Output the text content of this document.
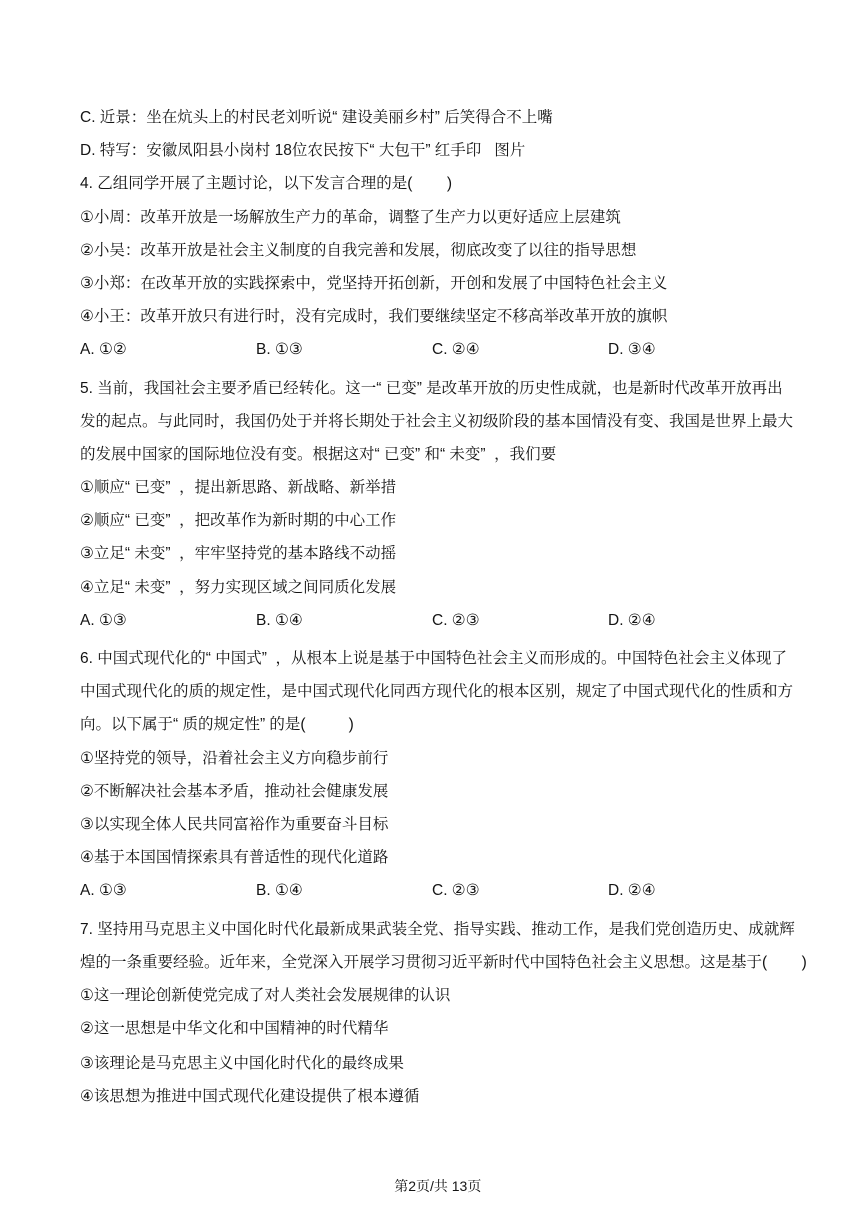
C. 近景：坐在炕头上的村民老刘听说“ 建设美丽乡村” 后笑得合不上嘴
D. 特写：安徽凤阳县小岗村 18位农民按下“ 大包干” 红手印   图片
4. 乙组同学开展了主题讨论，以下发言合理的是(        )
①小周：改革开放是一场解放生产力的革命，调整了生产力以更好适应上层建筑
②小吴：改革开放是社会主义制度的自我完善和发展，彻底改变了以往的指导思想
③小郑：在改革开放的实践探索中，党坚持开拓创新，开创和发展了中国特色社会主义
④小王：改革开放只有进行时，没有完成时，我们要继续坚定不移高举改革开放的旗帜
A. ①②	B. ①③	C. ②④	D. ③④
5. 当前，我国社会主要矛盾已经转化。这一“ 已变” 是改革开放的历史性成就，也是新时代改革开放再出
发的起点。与此同时，我国仍处于并将长期处于社会主义初级阶段的基本国情没有变、我国是世界上最大
的发展中国家的国际地位没有变。根据这对“ 已变” 和“ 未变”  ，我们要
①顺应“ 已变”  ，提出新思路、新战略、新举措
②顺应“ 已变”  ，把改革作为新时期的中心工作
③立足“ 未变”  ，牢牢坚持党的基本路线不动摇
④立足“ 未变”  ，努力实现区域之间同质化发展
A. ①③	B. ①④	C. ②③	D. ②④
6. 中国式现代化的“ 中国式”  ，从根本上说是基于中国特色社会主义而形成的。中国特色社会主义体现了
中国式现代化的质的规定性，是中国式现代化同西方现代化的根本区别，规定了中国式现代化的性质和方
向。以下属于“ 质的规定性” 的是(          )
①坚持党的领导，沿着社会主义方向稳步前行
②不断解决社会基本矛盾，推动社会健康发展
③以实现全体人民共同富裕作为重要奋斗目标
④基于本国国情探索具有普适性的现代化道路
A. ①③	B. ①④	C. ②③	D. ②④
7. 坚持用马克思主义中国化时代化最新成果武装全党、指导实践、推动工作，是我们党创造历史、成就辉
煌的一条重要经验。近年来，全党深入开展学习贯彻习近平新时代中国特色社会主义思想。这是基于(        )
①这一理论创新使党完成了对人类社会发展规律的认识
②这一思想是中华文化和中国精神的时代精华
③该理论是马克思主义中国化时代化的最终成果
④该思想为推进中国式现代化建设提供了根本遵循

第2页/共 13页
